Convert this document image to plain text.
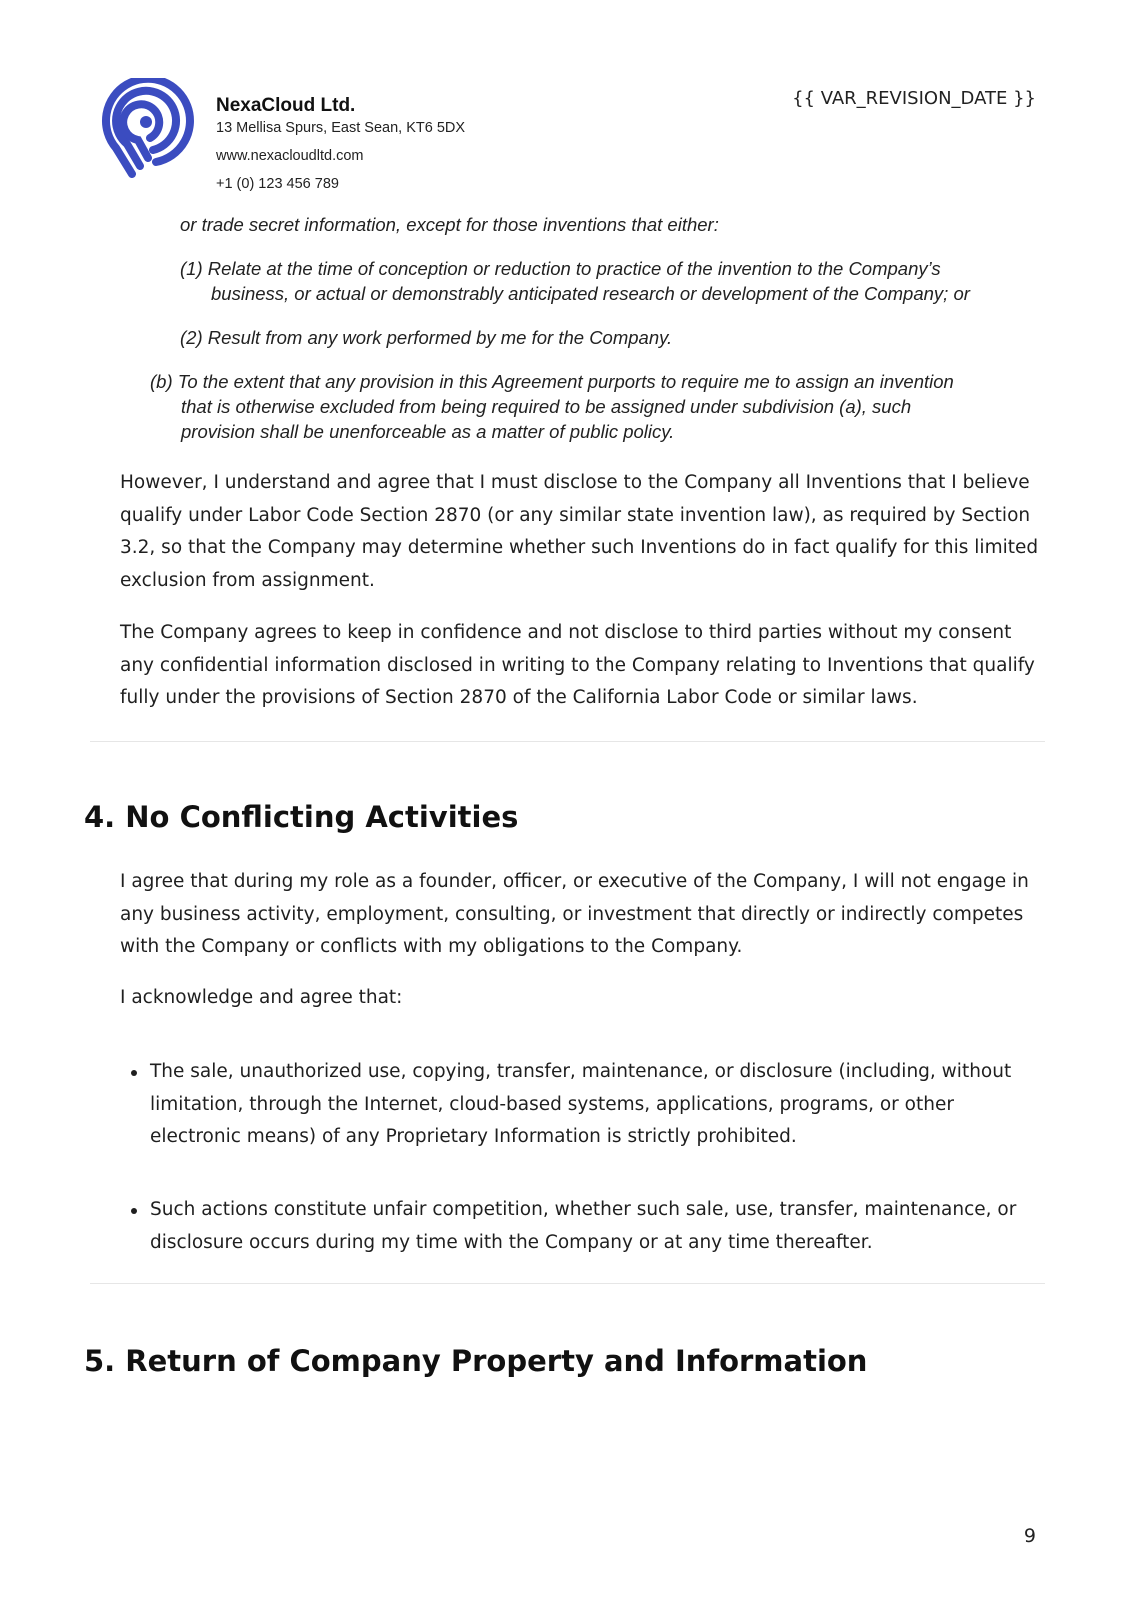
NexaCloud Ltd.

13 Mellisa Spurs, East Sean, KT6 5DX

www.nexacloudltd.com

+1 (0) 123 456 789

{{ VAR_REVISION_DATE }}
or trade secret information, except for those inventions that either:
(1) Relate at the time of conception or reduction to practice of the invention to the Company’s
business, or actual or demonstrably anticipated research or development of the Company; or
(2) Result from any work performed by me for the Company.
(b) To the extent that any provision in this Agreement purports to require me to assign an invention
that is otherwise excluded from being required to be assigned under subdivision (a), such
provision shall be unenforceable as a matter of public policy.

However, I understand and agree that I must disclose to the Company all Inventions that I believe qualify under Labor Code Section 2870 (or any similar state invention law), as required by Section 3.2, so that the Company may determine whether such Inventions do in fact qualify for this limited exclusion from assignment.

The Company agrees to keep in confidence and not disclose to third parties without my consent any confidential information disclosed in writing to the Company relating to Inventions that qualify fully under the provisions of Section 2870 of the California Labor Code or similar laws.

4. No Conflicting Activities

I agree that during my role as a founder, officer, or executive of the Company, I will not engage in any business activity, employment, consulting, or investment that directly or indirectly competes with the Company or conflicts with my obligations to the Company.

I acknowledge and agree that:

The sale, unauthorized use, copying, transfer, maintenance, or disclosure (including, without limitation, through the Internet, cloud-based systems, applications, programs, or other electronic means) of any Proprietary Information is strictly prohibited.
Such actions constitute unfair competition, whether such sale, use, transfer, maintenance, or disclosure occurs during my time with the Company or at any time thereafter.
5. Return of Company Property and Information
9
